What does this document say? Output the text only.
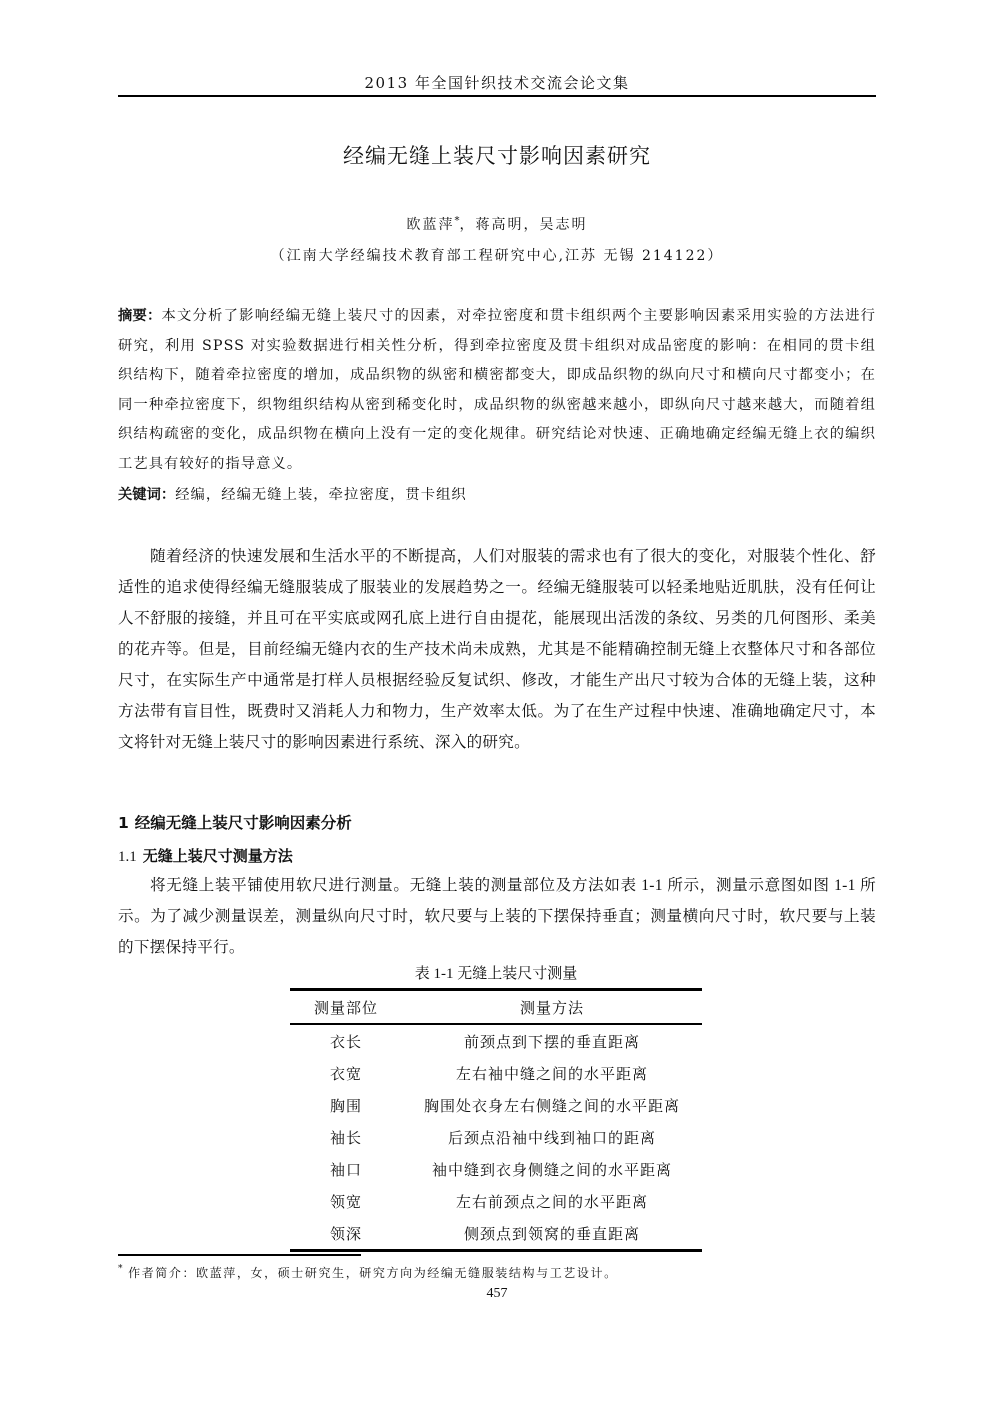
2013 年全国针织技术交流会论文集
经编无缝上装尺寸影响因素研究
欧蓝萍*，蒋高明，吴志明
（江南大学经编技术教育部工程研究中心,江苏 无锡 214122）
摘要：本文分析了影响经编无缝上装尺寸的因素，对牵拉密度和贯卡组织两个主要影响因素采用实验的方法进行研究，利用 SPSS 对实验数据进行相关性分析，得到牵拉密度及贯卡组织对成品密度的影响：在相同的贯卡组织结构下，随着牵拉密度的增加，成品织物的纵密和横密都变大，即成品织物的纵向尺寸和横向尺寸都变小；在同一种牵拉密度下，织物组织结构从密到稀变化时，成品织物的纵密越来越小，即纵向尺寸越来越大，而随着组织结构疏密的变化，成品织物在横向上没有一定的变化规律。研究结论对快速、正确地确定经编无缝上衣的编织工艺具有较好的指导意义。
关键词：经编，经编无缝上装，牵拉密度，贯卡组织
随着经济的快速发展和生活水平的不断提高，人们对服装的需求也有了很大的变化，对服装个性化、舒适性的追求使得经编无缝服装成了服装业的发展趋势之一。经编无缝服装可以轻柔地贴近肌肤，没有任何让人不舒服的接缝，并且可在平实底或网孔底上进行自由提花，能展现出活泼的条纹、另类的几何图形、柔美的花卉等。但是，目前经编无缝内衣的生产技术尚未成熟，尤其是不能精确控制无缝上衣整体尺寸和各部位尺寸，在实际生产中通常是打样人员根据经验反复试织、修改，才能生产出尺寸较为合体的无缝上装，这种方法带有盲目性，既费时又消耗人力和物力，生产效率太低。为了在生产过程中快速、准确地确定尺寸，本文将针对无缝上装尺寸的影响因素进行系统、深入的研究。
1 经编无缝上装尺寸影响因素分析
1.1 无缝上装尺寸测量方法
将无缝上装平铺使用软尺进行测量。无缝上装的测量部位及方法如表 1-1 所示，测量示意图如图 1-1 所示。为了减少测量误差，测量纵向尺寸时，软尺要与上装的下摆保持垂直；测量横向尺寸时，软尺要与上装的下摆保持平行。
表 1-1 无缝上装尺寸测量
测量部位	测量方法
衣长	前颈点到下摆的垂直距离
衣宽	左右袖中缝之间的水平距离
胸围	胸围处衣身左右侧缝之间的水平距离
袖长	后颈点沿袖中线到袖口的距离
袖口	袖中缝到衣身侧缝之间的水平距离
领宽	左右前颈点之间的水平距离
领深	侧颈点到领窝的垂直距离
* 作者简介：欧蓝萍，女，硕士研究生，研究方向为经编无缝服装结构与工艺设计。
457
